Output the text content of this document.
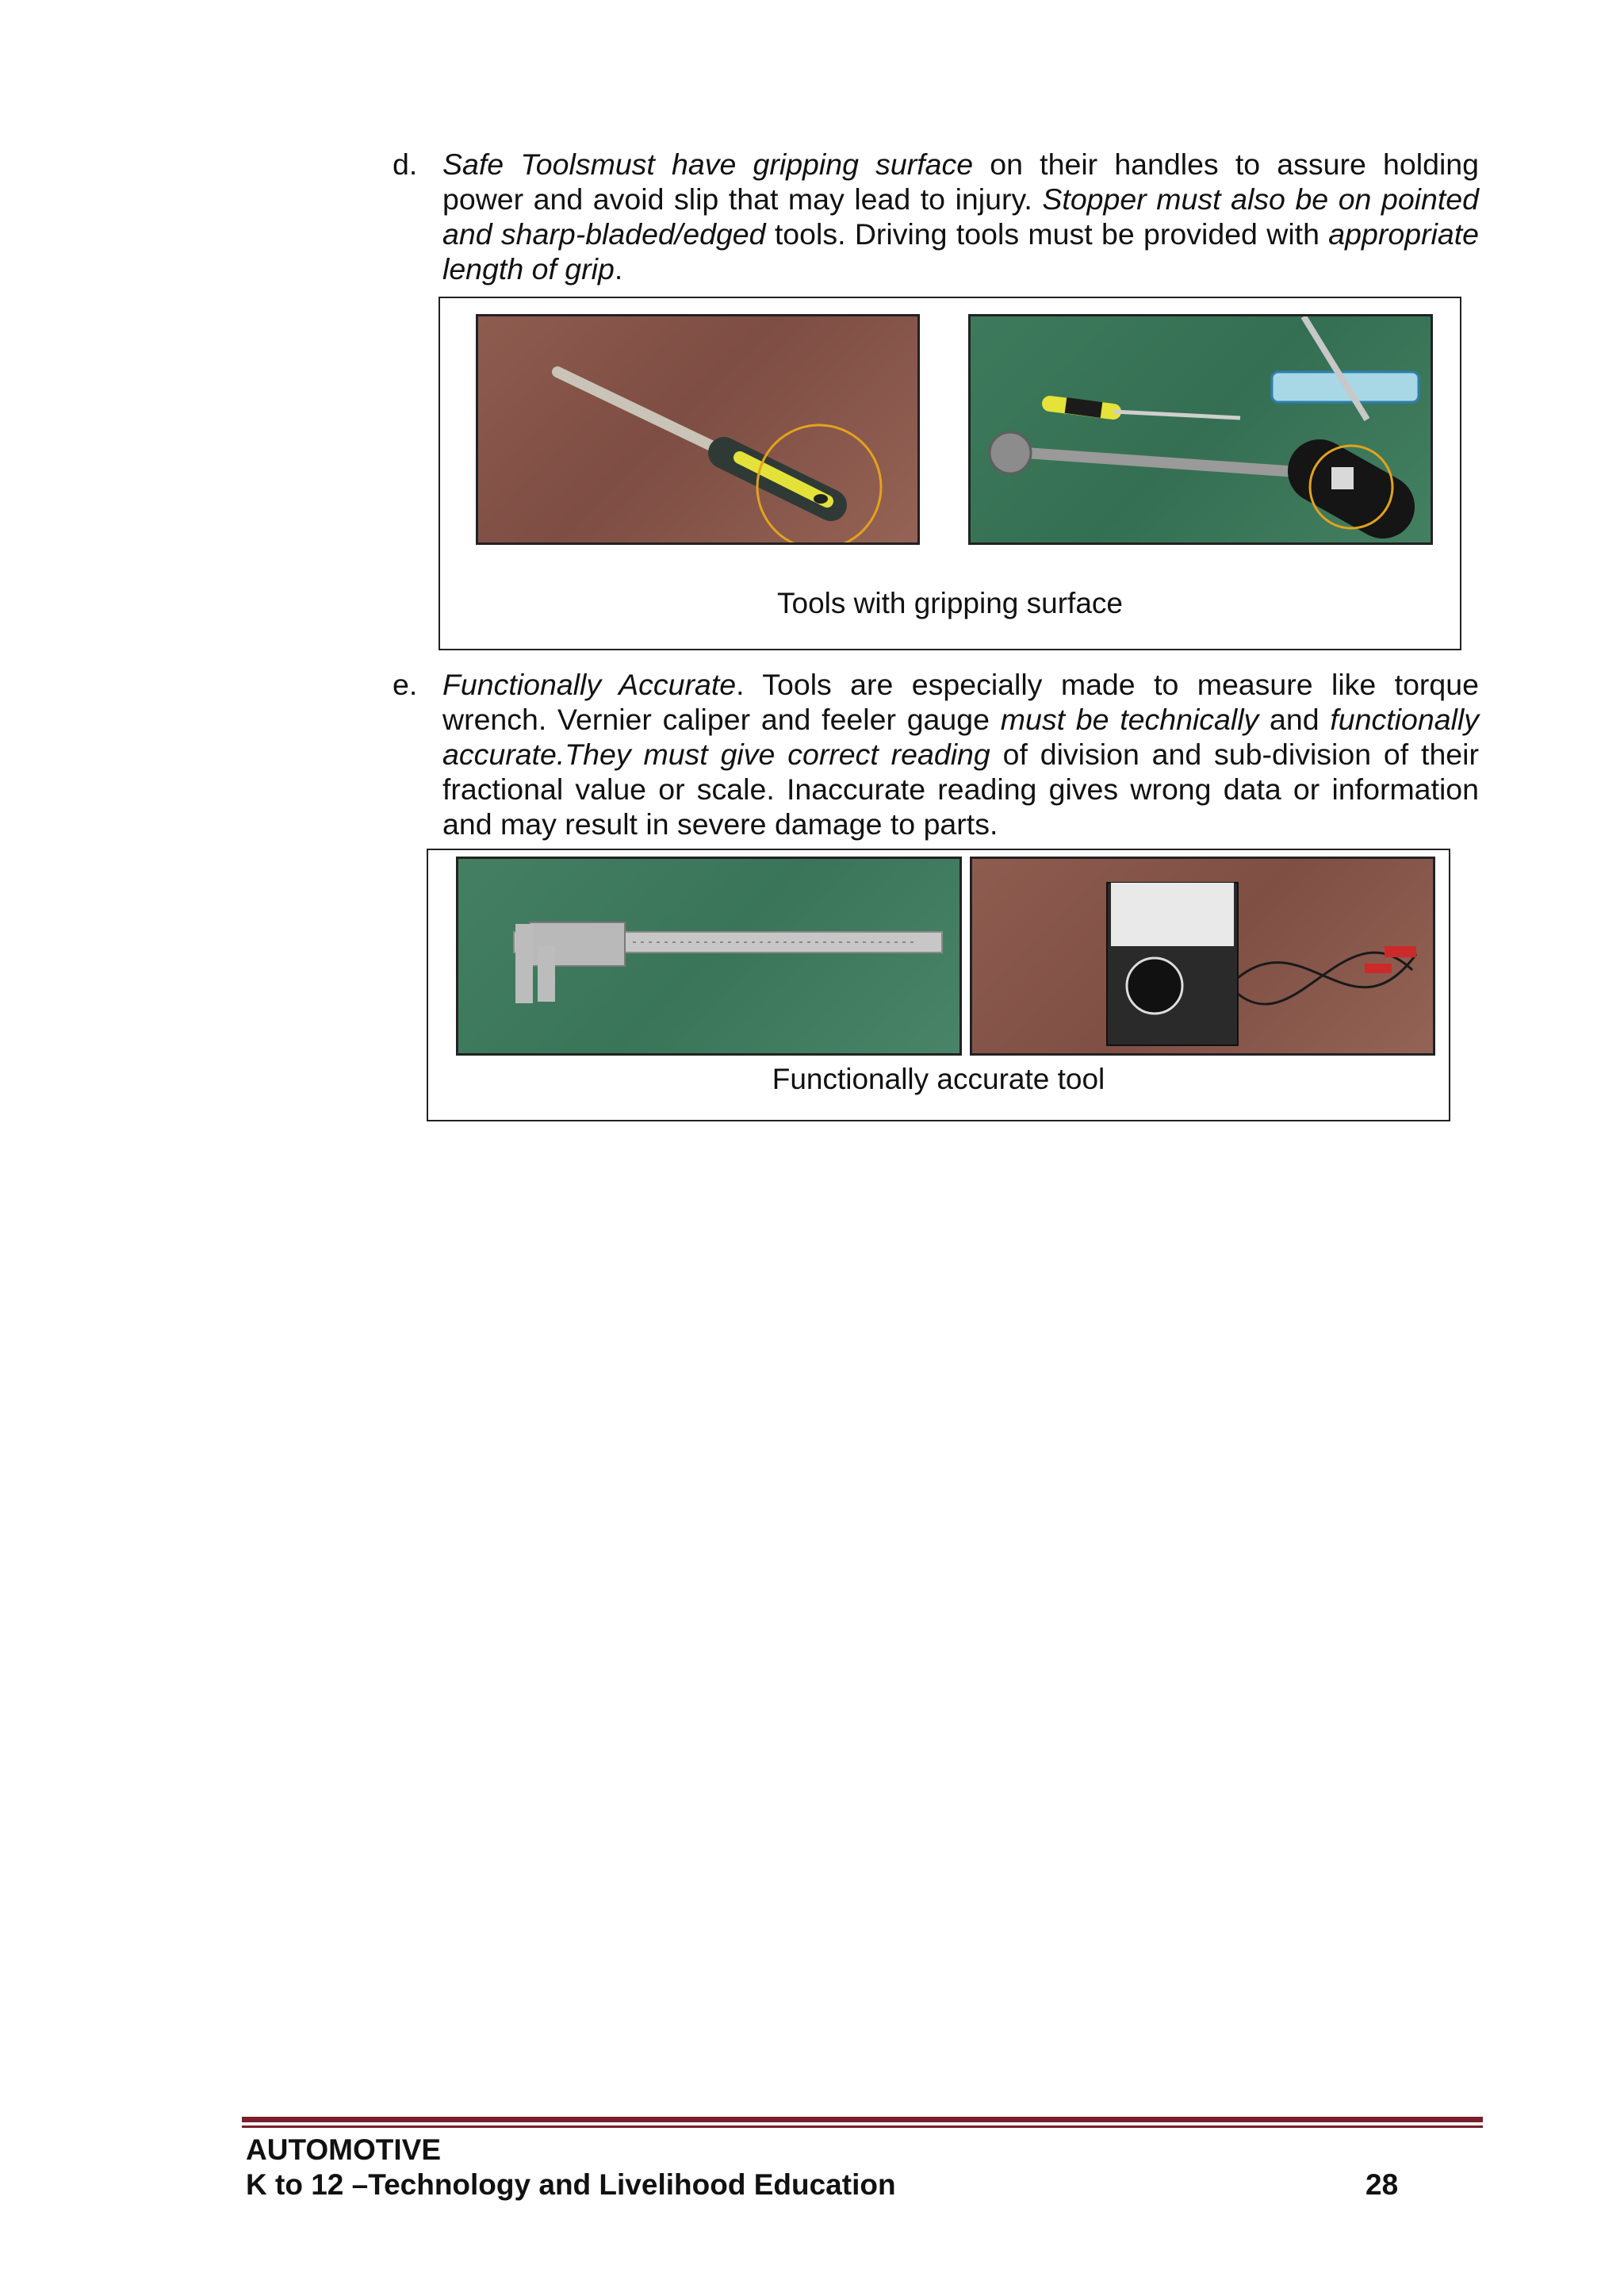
d. Safe Toolsmust have gripping surface on their handles to assure holding power and avoid slip that may lead to injury. Stopper must also be on pointed and sharp-bladed/edged tools. Driving tools must be provided with appropriate length of grip.
Tools with gripping surface
e. Functionally Accurate. Tools are especially made to measure like torque wrench. Vernier caliper and feeler gauge must be technically and functionally accurate.They must give correct reading of division and sub-division of their fractional value or scale. Inaccurate reading gives wrong data or information and may result in severe damage to parts.
Functionally accurate tool
AUTOMOTIVE
K to 12 –Technology and Livelihood Education	28
